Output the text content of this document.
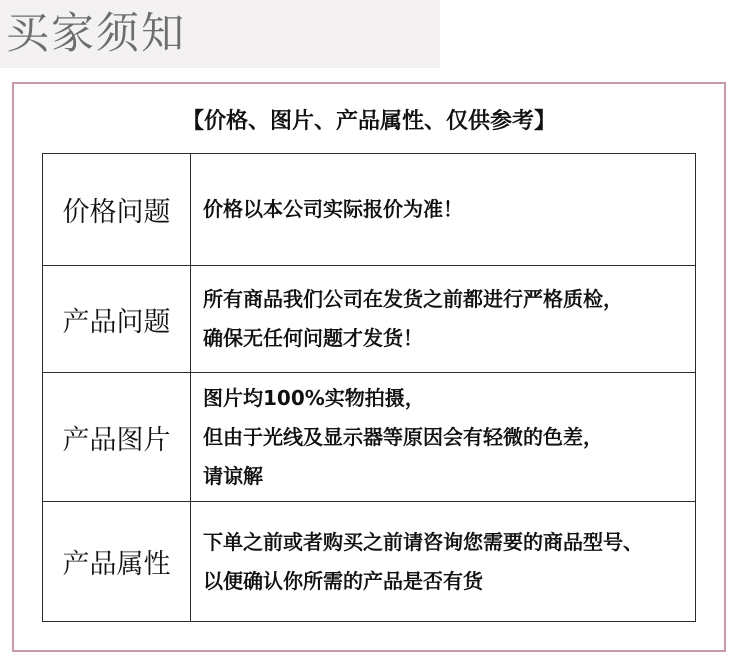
买家须知
【价格、图片、产品属性、仅供参考】
价格问题	价格以本公司实际报价为准！

产品问题	所有商品我们公司在发货之前都进行严格质检，
确保无任何问题才发货！

产品图片	图片均100%实物拍摄，
但由于光线及显示器等原因会有轻微的色差，
请谅解

产品属性	下单之前或者购买之前请咨询您需要的商品型号、
以便确认你所需的产品是否有货
